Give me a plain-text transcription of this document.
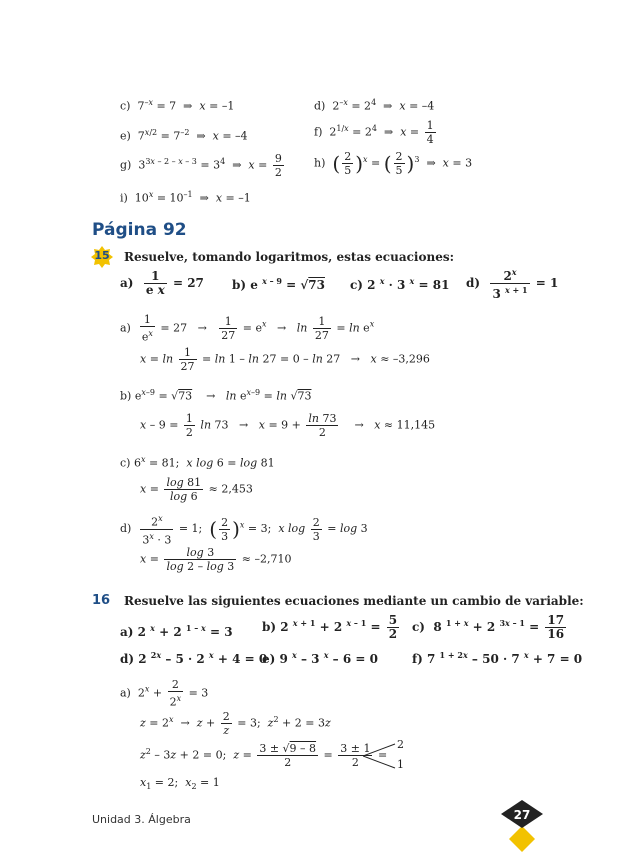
c)  $7^{-x} = 7$  ⇒  x = –1	d)  $2^{-x} = 2^4$  ⇒  x = –4
e)  $7^{x/2} = 7^{-2}$  ⇒  x = –4	f)  $2^{1/x} = 2^4$  ⇒  $x = \frac{1}{4}$
g)  $3^{3x - 2 - x - 3} = 3^4$  ⇒  $x = \frac{9}{2}$	h)  ( $\frac{2}{5} )^x$ = ( $\frac{2}{5} )^3$  ⇒  x = 3
i)  $10^x = 10^{-1}$  ⇒  x = –1
Página 92
15 Resuelve, tomando logaritmos, estas ecuaciones:
$a) \frac{1}{\text{e x}} = 27$ b) e $^{x - 9}$ = √73 c) 2 $^x$ · 3 $^x$ = 81 $d) \frac{2^x}{3 ^{x + 1}} = 1$
$a) \frac{1}{e^x} = 27 \to \frac{1}{27} = e^x \to \ln \frac{1}{27} = \ln e^x$
$x = \ln \frac{1}{27} = \ln 1 - \ln 27 = 0 - \ln 27 \to x \approx -3,296$
b) $e^{x-9} = √73$    →   $\ln e^{x-9} = \ln √73$
$x - 9 = \frac{1}{2}$ $\ln 73 \to x = 9 + \frac{\ln 73}{2} \to x \approx 11,145$
c) $6^x = 81$;  x log 6 = log 81
$x = \frac{\log 81}{\log 6} \approx 2,453$
$d) \frac{2^x}{3^x \cdot 3} = 1$;  ( $\frac{2}{3} )^x = 3$;  x $\log \frac{2}{3} = \log 3$
$x = \frac{\log 3}{\log 2 - \log 3} \approx -2,710$
16 Resuelve las siguientes ecuaciones mediante un cambio de variable:
a) 2 $^x$ + 2 $^{1 - x}$ = 3 b) 2 $^{x + 1}$ + 2 $^{x - 1} = \frac{5}{2} c$)  8 $^{1 + x}$ + 2 $^{3x - 1} = \frac{17}{16}$
d) 2 $^{2x}$ – 5 · 2 $^x$ + 4 = 0
e) 9 $^x$ – 3 $^x$ – 6 = 0	f) 7 $^{1 + 2x}$ – 50 · 7 $^x$ + 7 = 0
a)  $2^x + \frac{2}{2^x} = 3$
$z = 2^x \to z + \frac{2}{z} = 3$;  $z^2 + 2 = 3z$
$z^2 - 3z + 2 = 0$;  $z = \frac{3 \pm √9 - 8}{2} = \frac{3 \pm 1}{2}$ =
2
1
$x_1 = 2$;  $x_2 = 1$
Unidad 3. Álgebra	27
